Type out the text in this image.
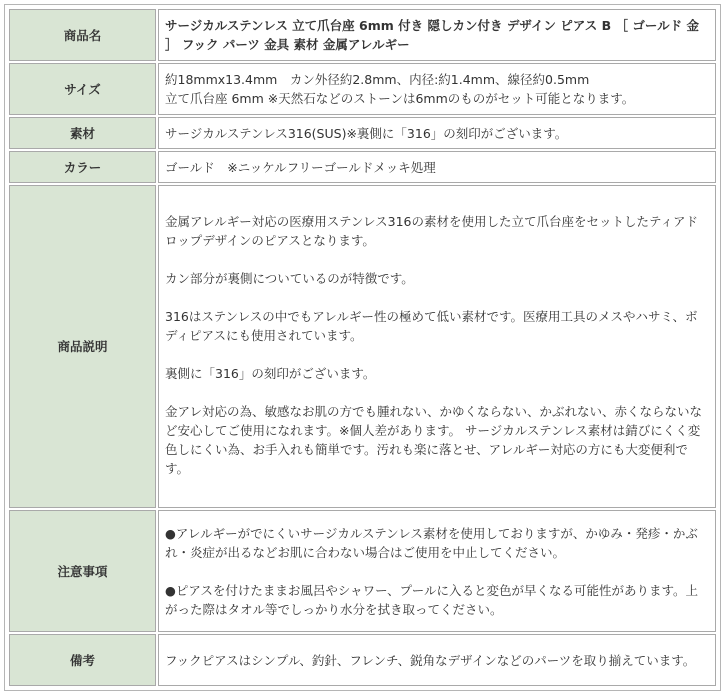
商品名	サージカルステンレス 立て爪台座 6mm 付き 隠しカン付き デザイン ピアス B ［ ゴールド 金 ］ フック パーツ 金具 素材 金属アレルギー

サイズ	約18mmx13.4mm　カン外径約2.8mm、内径:約1.4mm、線径約0.5mm

立て爪台座 6mm ※天然石などのストーンは6mmのものがセット可能となります。

素材	サージカルステンレス316(SUS)※裏側に「316」の刻印がございます。

カラー	ゴールド　※ニッケルフリーゴールドメッキ処理

商品説明	金属アレルギー対応の医療用ステンレス316の素材を使用した立て爪台座をセットしたティアドロップデザインのピアスとなります。

カン部分が裏側についているのが特徴です。

316はステンレスの中でもアレルギー性の極めて低い素材です。医療用工具のメスやハサミ、ボディピアスにも使用されています。

裏側に「316」の刻印がございます。

金アレ対応の為、敏感なお肌の方でも腫れない、かゆくならない、かぶれない、赤くならないなど安心してご使用になれます。※個人差があります。 サージカルステンレス素材は錆びにくく変色しにくい為、お手入れも簡単です。汚れも楽に落とせ、アレルギー対応の方にも大変便利です。

注意事項	●アレルギーがでにくいサージカルステンレス素材を使用しておりますが、かゆみ・発疹・かぶれ・炎症が出るなどお肌に合わない場合はご使用を中止してください。

●ピアスを付けたままお風呂やシャワー、プールに入ると変色が早くなる可能性があります。上がった際はタオル等でしっかり水分を拭き取ってください。

備考	フックピアスはシンプル、釣針、フレンチ、鋭角なデザインなどのパーツを取り揃えています。
